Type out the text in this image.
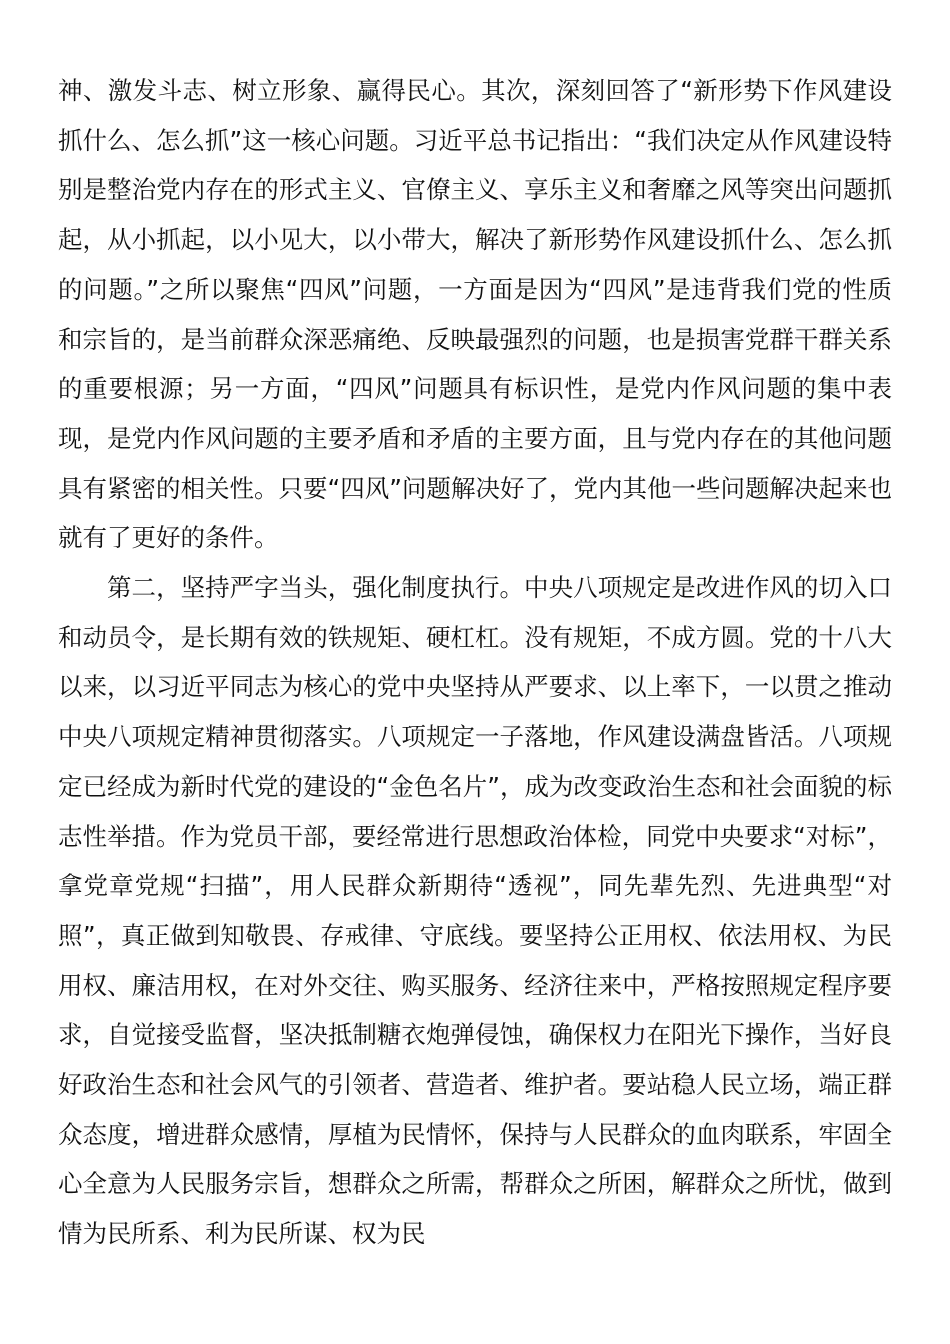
神、激发斗志、树立形象、赢得民心。其次，深刻回答了“新形势下作风建设抓什么、怎么抓”这一核心问题。习近平总书记指出：“我们决定从作风建设特别是整治党内存在的形式主义、官僚主义、享乐主义和奢靡之风等突出问题抓起，从小抓起，以小见大，以小带大，解决了新形势作风建设抓什么、怎么抓的问题。”之所以聚焦“四风”问题，一方面是因为“四风”是违背我们党的性质和宗旨的，是当前群众深恶痛绝、反映最强烈的问题，也是损害党群干群关系的重要根源；另一方面，“四风”问题具有标识性，是党内作风问题的集中表现，是党内作风问题的主要矛盾和矛盾的主要方面，且与党内存在的其他问题具有紧密的相关性。只要“四风”问题解决好了，党内其他一些问题解决起来也就有了更好的条件。

第二，坚持严字当头，强化制度执行。中央八项规定是改进作风的切入口和动员令，是长期有效的铁规矩、硬杠杠。没有规矩，不成方圆。党的十八大以来，以习近平同志为核心的党中央坚持从严要求、以上率下，一以贯之推动中央八项规定精神贯彻落实。八项规定一子落地，作风建设满盘皆活。八项规定已经成为新时代党的建设的“金色名片”，成为改变政治生态和社会面貌的标志性举措。作为党员干部，要经常进行思想政治体检，同党中央要求“对标”，拿党章党规“扫描”，用人民群众新期待“透视”，同先辈先烈、先进典型“对照”，真正做到知敬畏、存戒律、守底线。要坚持公正用权、依法用权、为民用权、廉洁用权，在对外交往、购买服务、经济往来中，严格按照规定程序要求，自觉接受监督，坚决抵制糖衣炮弹侵蚀，确保权力在阳光下操作，当好良好政治生态和社会风气的引领者、营造者、维护者。要站稳人民立场，端正群众态度，增进群众感情，厚植为民情怀，保持与人民群众的血肉联系，牢固全心全意为人民服务宗旨，想群众之所需，帮群众之所困，解群众之所忧，做到情为民所系、利为民所谋、权为民
